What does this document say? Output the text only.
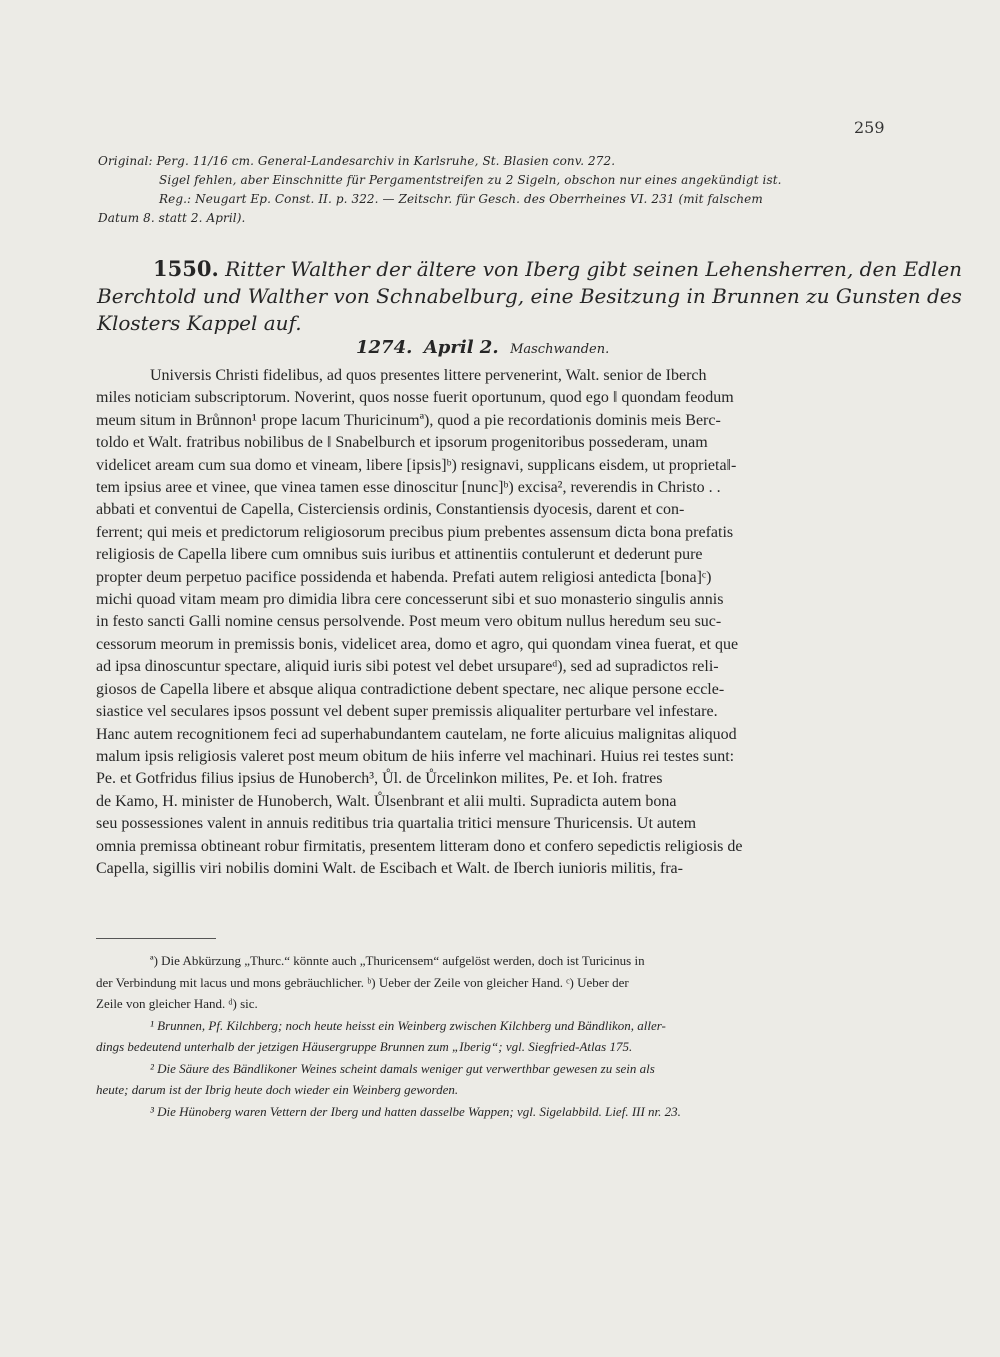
259
Original: Perg. 11/16 cm. General-Landesarchiv in Karlsruhe, St. Blasien conv. 272.
Sigel fehlen, aber Einschnitte für Pergamentstreifen zu 2 Sigeln, obschon nur eines angekündigt ist.
Reg.: Neugart Ep. Const. II. p. 322. — Zeitschr. für Gesch. des Oberrheines VI. 231 (mit falschem
Datum 8. statt 2. April).
1550. Ritter Walther der ältere von Iberg gibt seinen Lehensherren, den Edlen
Berchtold und Walther von Schnabelburg, eine Besitzung in Brunnen zu Gunsten des
Klosters Kappel auf.
1274. April 2. Maschwanden.
Universis Christi fidelibus, ad quos presentes littere pervenerint, Walt. senior de Iberch
miles noticiam subscriptorum. Noverint, quos nosse fuerit oportunum, quod ego ‖ quondam feodum
meum situm in Brůnnon¹ prope lacum Thuricinumª), quod a pie recordationis dominis meis Berc-
toldo et Walt. fratribus nobilibus de ‖ Snabelburch et ipsorum progenitoribus possederam, unam
videlicet aream cum sua domo et vineam, libere [ipsis]ᵇ) resignavi, supplicans eisdem, ut proprieta‖-
tem ipsius aree et vinee, que vinea tamen esse dinoscitur [nunc]ᵇ) excisa², reverendis in Christo . .
abbati et conventui de Capella, Cisterciensis ordinis, Constantiensis dyocesis, darent et con-
ferrent; qui meis et predictorum religiosorum precibus pium prebentes assensum dicta bona prefatis
religiosis de Capella libere cum omnibus suis iuribus et attinentiis contulerunt et dederunt pure
propter deum perpetuo pacifice possidenda et habenda. Prefati autem religiosi antedicta [bona]ᶜ)
michi quoad vitam meam pro dimidia libra cere concesserunt sibi et suo monasterio singulis annis
in festo sancti Galli nomine census persolvende. Post meum vero obitum nullus heredum seu suc-
cessorum meorum in premissis bonis, videlicet area, domo et agro, qui quondam vinea fuerat, et que
ad ipsa dinoscuntur spectare, aliquid iuris sibi potest vel debet ursupareᵈ), sed ad supradictos reli-
giosos de Capella libere et absque aliqua contradictione debent spectare, nec alique persone eccle-
siastice vel seculares ipsos possunt vel debent super premissis aliqualiter perturbare vel infestare.
Hanc autem recognitionem feci ad superhabundantem cautelam, ne forte alicuius malignitas aliquod
malum ipsis religiosis valeret post meum obitum de hiis inferre vel machinari. Huius rei testes sunt:
Pe. et Gotfridus filius ipsius de Hunoberch³, Ůl. de Ůrcelinkon milites, Pe. et Ioh. fratres
de Kamo, H. minister de Hunoberch, Walt. Ůlsenbrant et alii multi. Supradicta autem bona
seu possessiones valent in annuis reditibus tria quartalia tritici mensure Thuricensis. Ut autem
omnia premissa obtineant robur firmitatis, presentem litteram dono et confero sepedictis religiosis de
Capella, sigillis viri nobilis domini Walt. de Escibach et Walt. de Iberch iunioris militis, fra-
ª) Die Abkürzung „Thurc.“ könnte auch „Thuricensem“ aufgelöst werden, doch ist Turicinus in
der Verbindung mit lacus und mons gebräuchlicher. ᵇ) Ueber der Zeile von gleicher Hand. ᶜ) Ueber der
Zeile von gleicher Hand. ᵈ) sic.
¹ Brunnen, Pf. Kilchberg; noch heute heisst ein Weinberg zwischen Kilchberg und Bändlikon, aller-
dings bedeutend unterhalb der jetzigen Häusergruppe Brunnen zum „Iberig“; vgl. Siegfried-Atlas 175.
² Die Säure des Bändlikoner Weines scheint damals weniger gut verwerthbar gewesen zu sein als
heute; darum ist der Ibrig heute doch wieder ein Weinberg geworden.
³ Die Hünoberg waren Vettern der Iberg und hatten dasselbe Wappen; vgl. Sigelabbild. Lief. III nr. 23.
